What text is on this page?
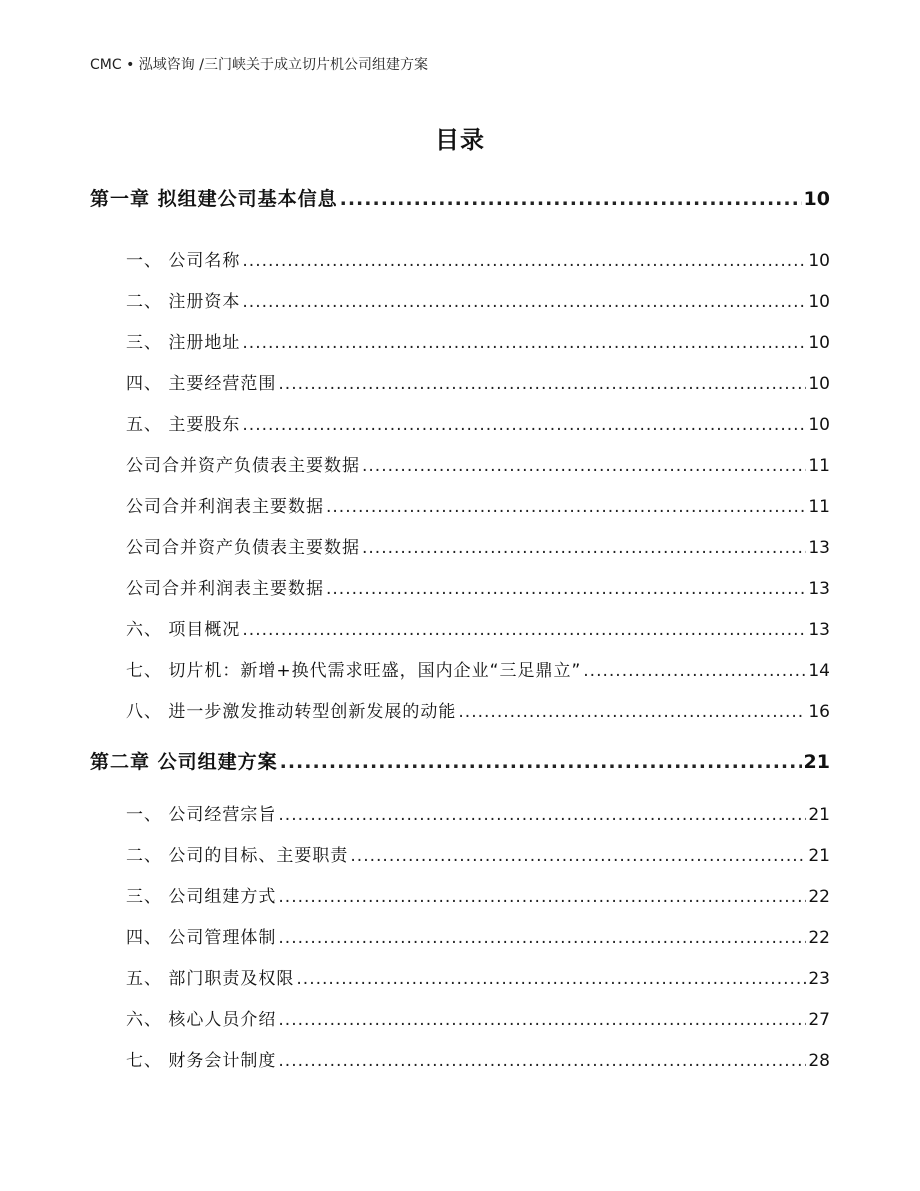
CMC • 泓域咨询 /三门峡关于成立切片机公司组建方案
目录
第一章 拟组建公司基本信息 .....	10
一、 公司名称 .....	10
二、 注册资本 .....	10
三、 注册地址 .....	10
四、 主要经营范围 .....	10
五、 主要股东 .....	10
公司合并资产负债表主要数据 .....	11
公司合并利润表主要数据 .....	11
公司合并资产负债表主要数据 .....	13
公司合并利润表主要数据 .....	13
六、 项目概况 .....	13
七、 切片机：新增+换代需求旺盛，国内企业“三足鼎立” .....	14
八、 进一步激发推动转型创新发展的动能 .....	16
第二章 公司组建方案 .....	21
一、 公司经营宗旨 .....	21
二、 公司的目标、主要职责 .....	21
三、 公司组建方式 .....	22
四、 公司管理体制 .....	22
五、 部门职责及权限 .....	23
六、 核心人员介绍 .....	27
七、 财务会计制度 .....	28
